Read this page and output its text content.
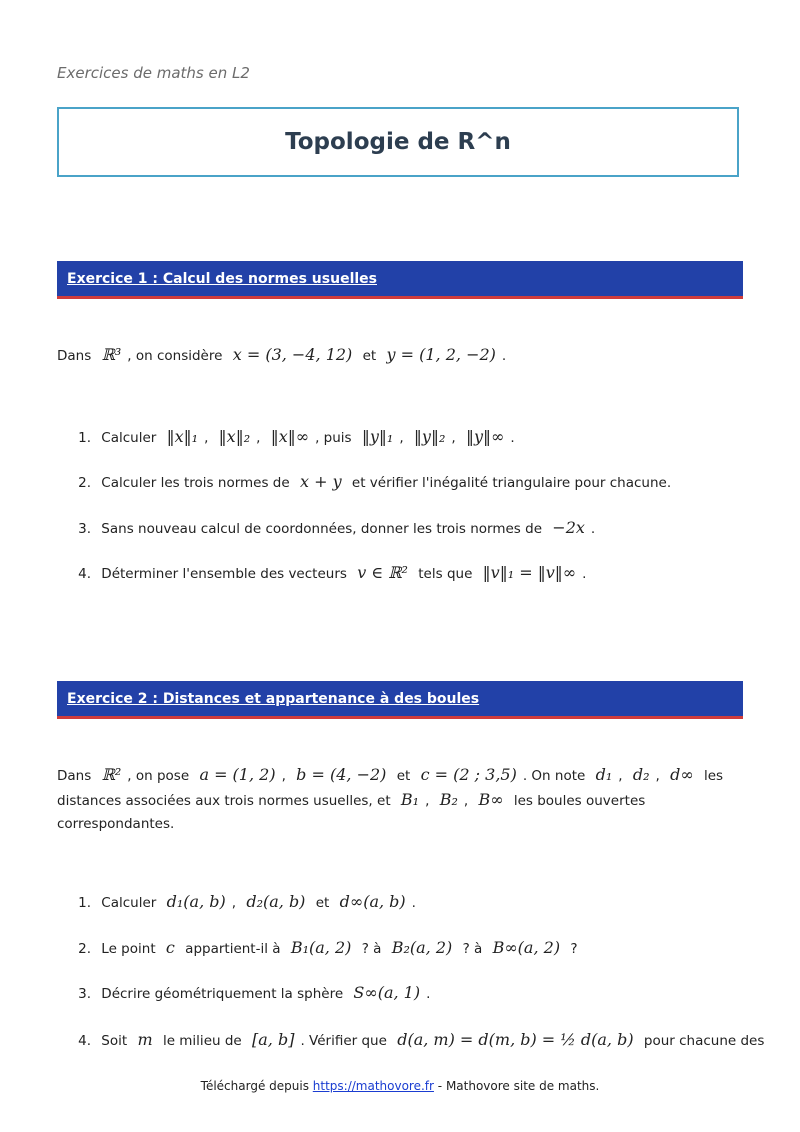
Exercices de maths en L2
Topologie de R^n
Exercice 1 : Calcul des normes usuelles
Dans ℝ³ , on considère x = (3, −4, 12) et y = (1, 2, −2) .
1. Calculer ‖x‖₁ , ‖x‖₂ , ‖x‖∞ , puis ‖y‖₁ , ‖y‖₂ , ‖y‖∞ .
2. Calculer les trois normes de x + y et vérifier l'inégalité triangulaire pour chacune.
3. Sans nouveau calcul de coordonnées, donner les trois normes de −2x .
4. Déterminer l'ensemble des vecteurs v ∈ ℝ² tels que ‖v‖₁ = ‖v‖∞ .
Exercice 2 : Distances et appartenance à des boules
Dans ℝ² , on pose a = (1, 2) , b = (4, −2) et c = (2 ; 3,5) . On note d₁ , d₂ , d∞ les distances associées aux trois normes usuelles, et B₁ , B₂ , B∞ les boules ouvertes correspondantes.
1. Calculer d₁(a, b) , d₂(a, b) et d∞(a, b) .
2. Le point c appartient-il à B₁(a, 2) ? à B₂(a, 2) ? à B∞(a, 2) ?
3. Décrire géométriquement la sphère S∞(a, 1) .
4. Soit m le milieu de [a, b] . Vérifier que d(a, m) = d(m, b) = ½ d(a, b) pour chacune des
Téléchargé depuis https://mathovore.fr - Mathovore site de maths.
